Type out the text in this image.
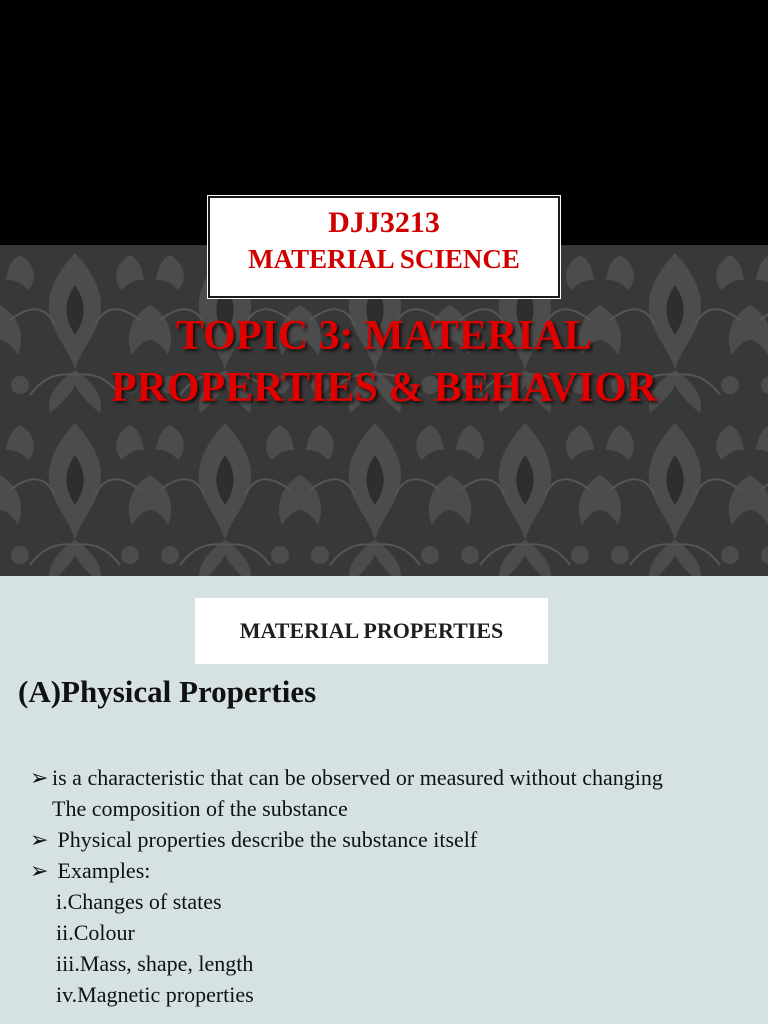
DJJ3213
MATERIAL SCIENCE
TOPIC 3: MATERIAL
PROPERTIES & BEHAVIOR
MATERIAL PROPERTIES
(A)Physical Properties
➢ is a characteristic that can be observed or measured without changing
The composition of the substance
➢ Physical properties describe the substance itself
➢ Examples:
i.Changes of states
ii.Colour
iii.Mass, shape, length
iv.Magnetic properties
